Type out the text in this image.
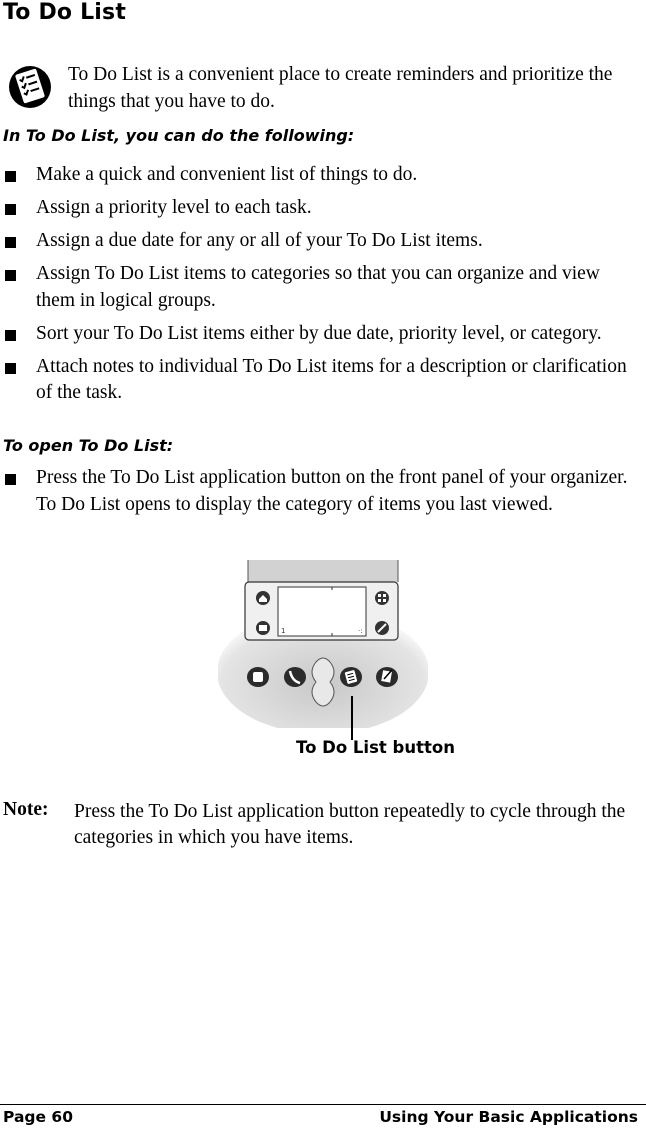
To Do List
To Do List is a convenient place to create reminders and prioritize the things that you have to do.
In To Do List, you can do the following:
Make a quick and convenient list of things to do.
Assign a priority level to each task.
Assign a due date for any or all of your To Do List items.
Assign To Do List items to categories so that you can organize and view them in logical groups.
Sort your To Do List items either by due date, priority level, or category.
Attach notes to individual To Do List items for a description or clarification of the task.
To open To Do List:
Press the To Do List application button on the front panel of your organizer. To Do List opens to display the category of items you last viewed.
1	·:
To Do List button
Note: Press the To Do List application button repeatedly to cycle through the categories in which you have items.
Page 60	Using Your Basic Applications
